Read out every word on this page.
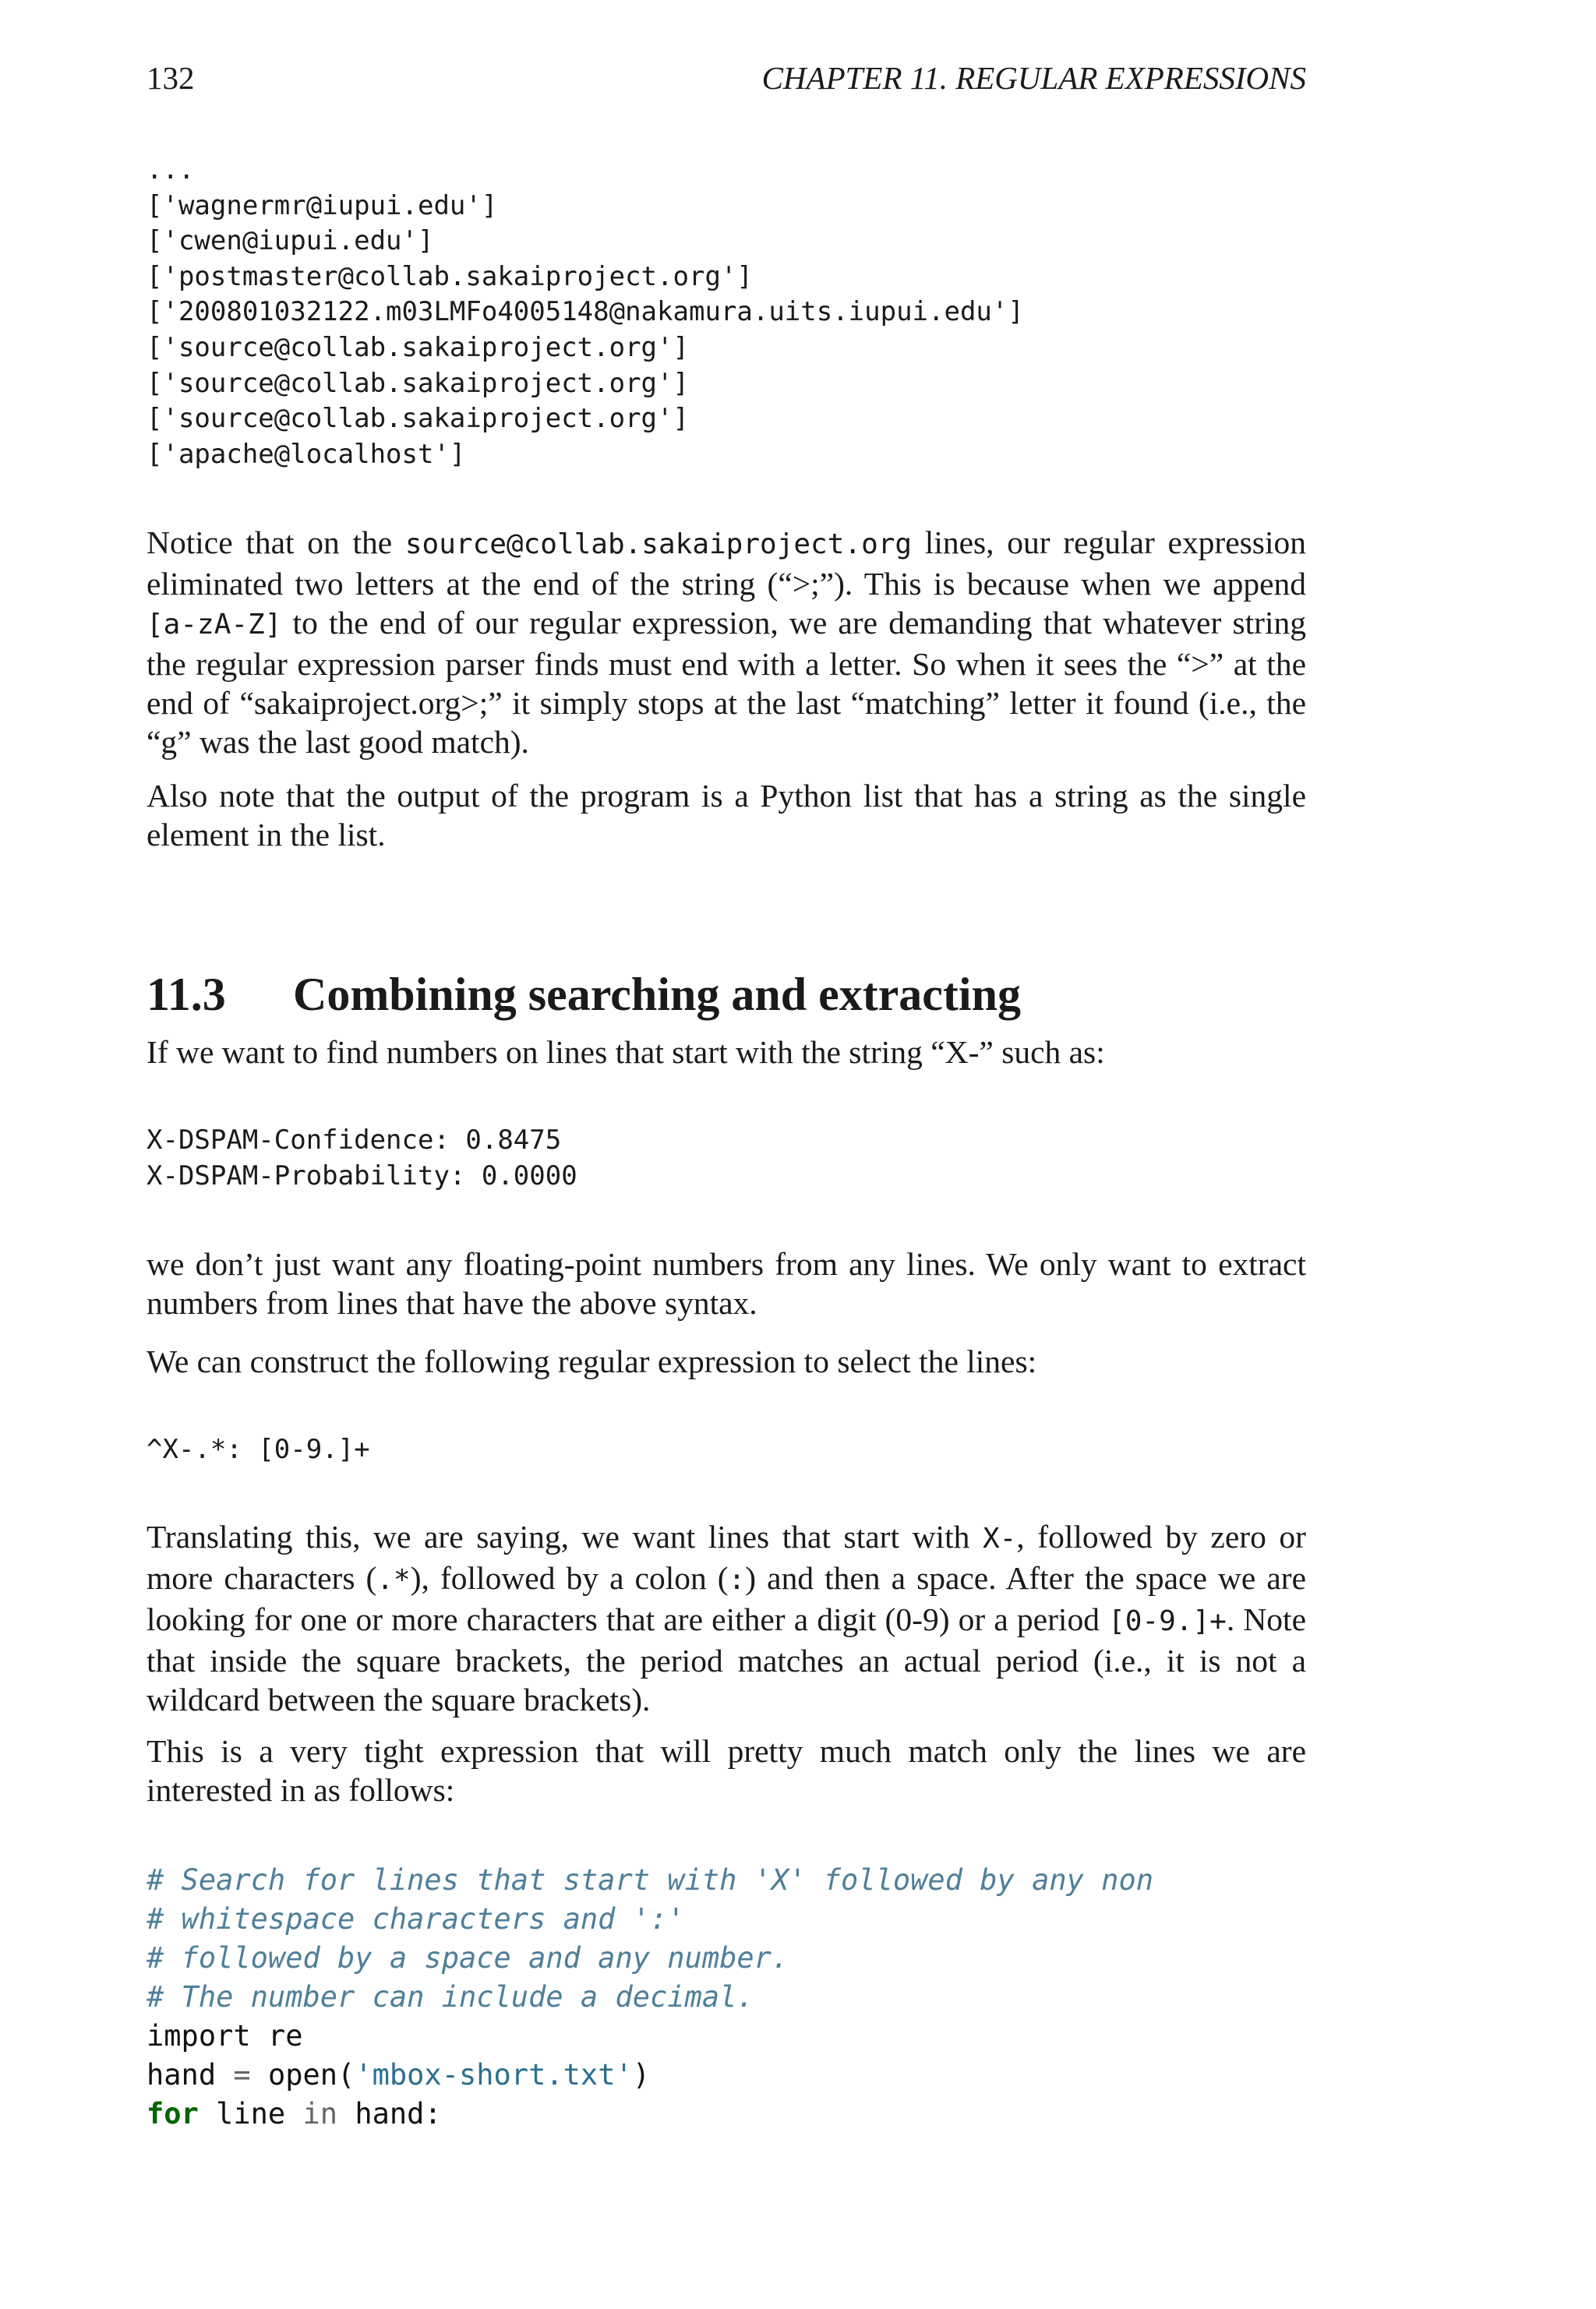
132	CHAPTER 11. REGULAR EXPRESSIONS
...
['wagnermr@iupui.edu']
['cwen@iupui.edu']
['postmaster@collab.sakaiproject.org']
['200801032122.m03LMFo4005148@nakamura.uits.iupui.edu']
['source@collab.sakaiproject.org']
['source@collab.sakaiproject.org']
['source@collab.sakaiproject.org']
['apache@localhost']

Notice that on the source@collab.sakaiproject.org lines, our regular expression eliminated two letters at the end of the string (“>;”). This is because when we append [a-zA-Z] to the end of our regular expression, we are demanding that whatever string the regular expression parser finds must end with a letter. So when it sees the “>” at the end of “sakaiproject.org>;” it simply stops at the last “matching” letter it found (i.e., the “g” was the last good match).

Also note that the output of the program is a Python list that has a string as the single element in the list.

11.3 Combining searching and extracting

If we want to find numbers on lines that start with the string “X-” such as:

X-DSPAM-Confidence: 0.8475
X-DSPAM-Probability: 0.0000

we don’t just want any floating-point numbers from any lines. We only want to extract numbers from lines that have the above syntax.

We can construct the following regular expression to select the lines:

^X-.*: [0-9.]+

Translating this, we are saying, we want lines that start with X-, followed by zero or more characters (.*), followed by a colon (:) and then a space. After the space we are looking for one or more characters that are either a digit (0-9) or a period [0-9.]+. Note that inside the square brackets, the period matches an actual period (i.e., it is not a wildcard between the square brackets).

This is a very tight expression that will pretty much match only the lines we are interested in as follows:

# Search for lines that start with 'X' followed by any non
# whitespace characters and ':'
# followed by a space and any number.
# The number can include a decimal.
import re
hand = open('mbox-short.txt')
for line in hand:
